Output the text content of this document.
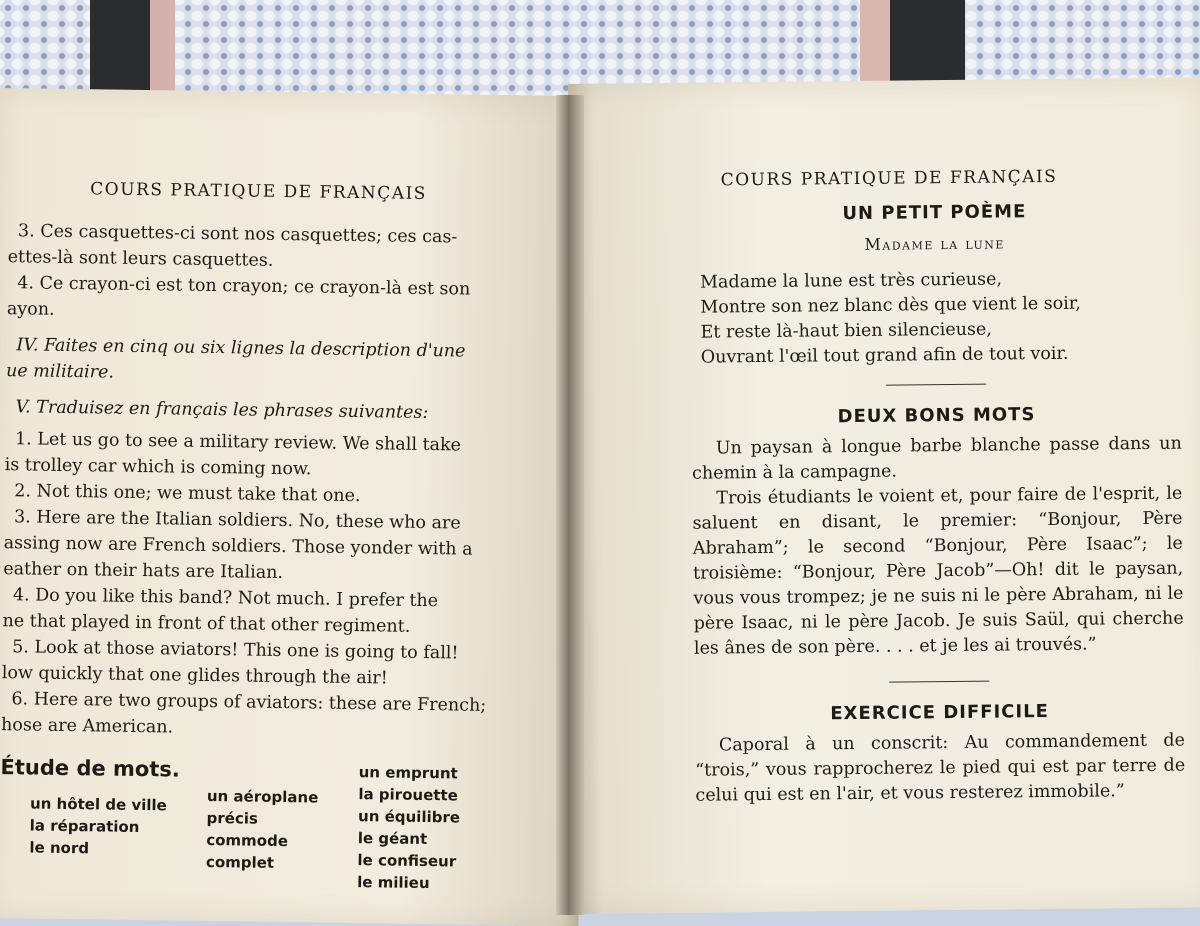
COURS PRATIQUE DE FRANÇAIS

3. Ces casquettes-ci sont nos casquettes; ces cas-

ettes-là sont leurs casquettes.

4. Ce crayon-ci est ton crayon; ce crayon-là est son

ayon.

IV. Faites en cinq ou six lignes la description d'une

ue militaire.

V. Traduisez en français les phrases suivantes:

1. Let us go to see a military review. We shall take

is trolley car which is coming now.

2. Not this one; we must take that one.

3. Here are the Italian soldiers. No, these who are

assing now are French soldiers. Those yonder with a

eather on their hats are Italian.

4. Do you like this band? Not much. I prefer the

ne that played in front of that other regiment.

5. Look at those aviators! This one is going to fall!

low quickly that one glides through the air!

6. Here are two groups of aviators: these are French;

hose are American.

Étude de mots.

un hôtel de ville
la réparation
le nord
un aéroplane
précis
commode
complet
un emprunt
la pirouette
un équilibre
le géant
le confiseur
le milieu
COURS PRATIQUE DE FRANÇAIS

UN PETIT POÈME

Madame la lune

Madame la lune est très curieuse,

Montre son nez blanc dès que vient le soir,

Et reste là-haut bien silencieuse,

Ouvrant l'œil tout grand afin de tout voir.

DEUX BONS MOTS

Un paysan à longue barbe blanche passe dans un chemin à la campagne.

Trois étudiants le voient et, pour faire de l'esprit, le saluent en disant, le premier: “Bonjour, Père Abraham”; le second “Bonjour, Père Isaac”; le troisième: “Bonjour, Père Jacob”—Oh! dit le paysan, vous vous trompez; je ne suis ni le père Abraham, ni le père Isaac, ni le père Jacob. Je suis Saül, qui cherche les ânes de son père. . . . et je les ai trouvés.”

EXERCICE DIFFICILE

Caporal à un conscrit: Au commandement de “trois,” vous rapprocherez le pied qui est par terre de celui qui est en l'air, et vous resterez immobile.”
